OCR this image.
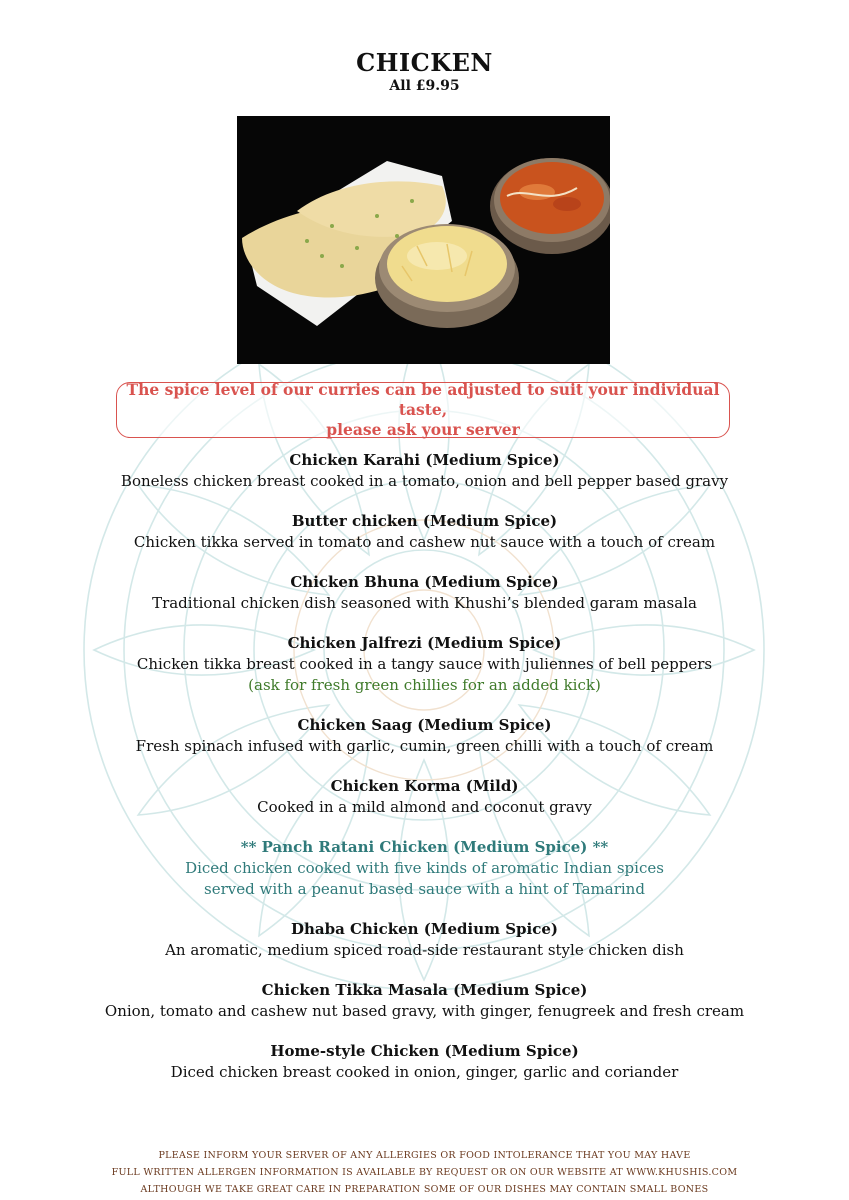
CHICKEN
All £9.95
The spice level of our curries can be adjusted to suit your individual taste,
please ask your server
Chicken Karahi (Medium Spice)
Boneless chicken breast cooked in a tomato, onion and bell pepper based gravy
Butter chicken (Medium Spice)
Chicken tikka served in tomato and cashew nut sauce with a touch of cream
Chicken Bhuna (Medium Spice)
Traditional chicken dish seasoned with Khushi’s blended garam masala
Chicken Jalfrezi (Medium Spice)
Chicken tikka breast cooked in a tangy sauce with juliennes of bell peppers
(ask for fresh green chillies for an added kick)
Chicken Saag (Medium Spice)
Fresh spinach infused with garlic, cumin, green chilli with a touch of cream
Chicken Korma (Mild)
Cooked in a mild almond and coconut gravy
** Panch Ratani Chicken (Medium Spice) **
Diced chicken cooked with five kinds of aromatic Indian spices
served with a peanut based sauce with a hint of Tamarind
Dhaba Chicken (Medium Spice)
An aromatic, medium spiced road-side restaurant style chicken dish
Chicken Tikka Masala (Medium Spice)
Onion, tomato and cashew nut based gravy, with ginger, fenugreek and fresh cream
Home-style Chicken (Medium Spice)
Diced chicken breast cooked in onion, ginger, garlic and coriander
PLEASE INFORM YOUR SERVER OF ANY ALLERGIES OR FOOD INTOLERANCE THAT YOU MAY HAVE
FULL WRITTEN ALLERGEN INFORMATION IS AVAILABLE BY REQUEST OR ON OUR WEBSITE AT WWW.KHUSHIS.COM
ALTHOUGH WE TAKE GREAT CARE IN PREPARATION SOME OF OUR DISHES MAY CONTAIN SMALL BONES
